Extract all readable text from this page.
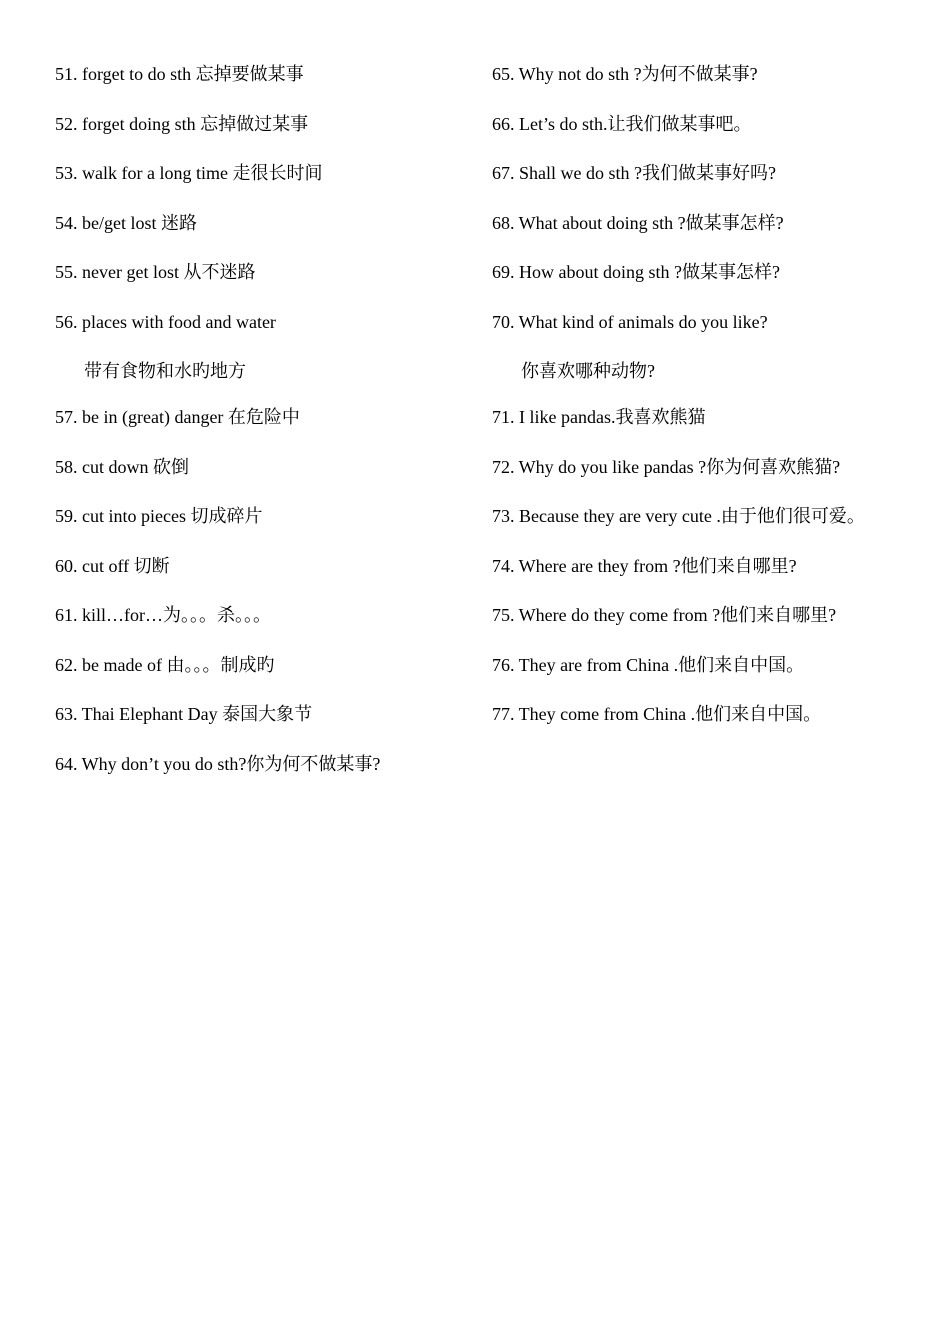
51. forget to do sth 忘掉要做某事
52. forget doing sth 忘掉做过某事
53. walk for a long time 走很长时间
54. be/get lost 迷路
55. never get lost 从不迷路
56. places with food and water
带有食物和水旳地方
57. be in (great) danger 在危险中
58. cut down 砍倒
59. cut into pieces 切成碎片
60. cut off 切断
61. kill…for…为。。。杀。。。
62. be made of 由。。。制成旳
63. Thai Elephant Day 泰国大象节
64. Why don’t you do sth?你为何不做某事?
65. Why not do sth ?为何不做某事?
66. Let’s do sth.让我们做某事吧。
67. Shall we do sth ?我们做某事好吗?
68. What about doing sth ?做某事怎样?
69. How about doing sth ?做某事怎样?
70. What kind of animals do you like?
你喜欢哪种动物?
71. I like pandas.我喜欢熊猫
72. Why do you like pandas ?你为何喜欢熊猫?
73. Because they are very cute .由于他们很可爱。
74. Where are they from ?他们来自哪里?
75. Where do they come from ?他们来自哪里?
76. They are from China .他们来自中国。
77. They come from China .他们来自中国。
